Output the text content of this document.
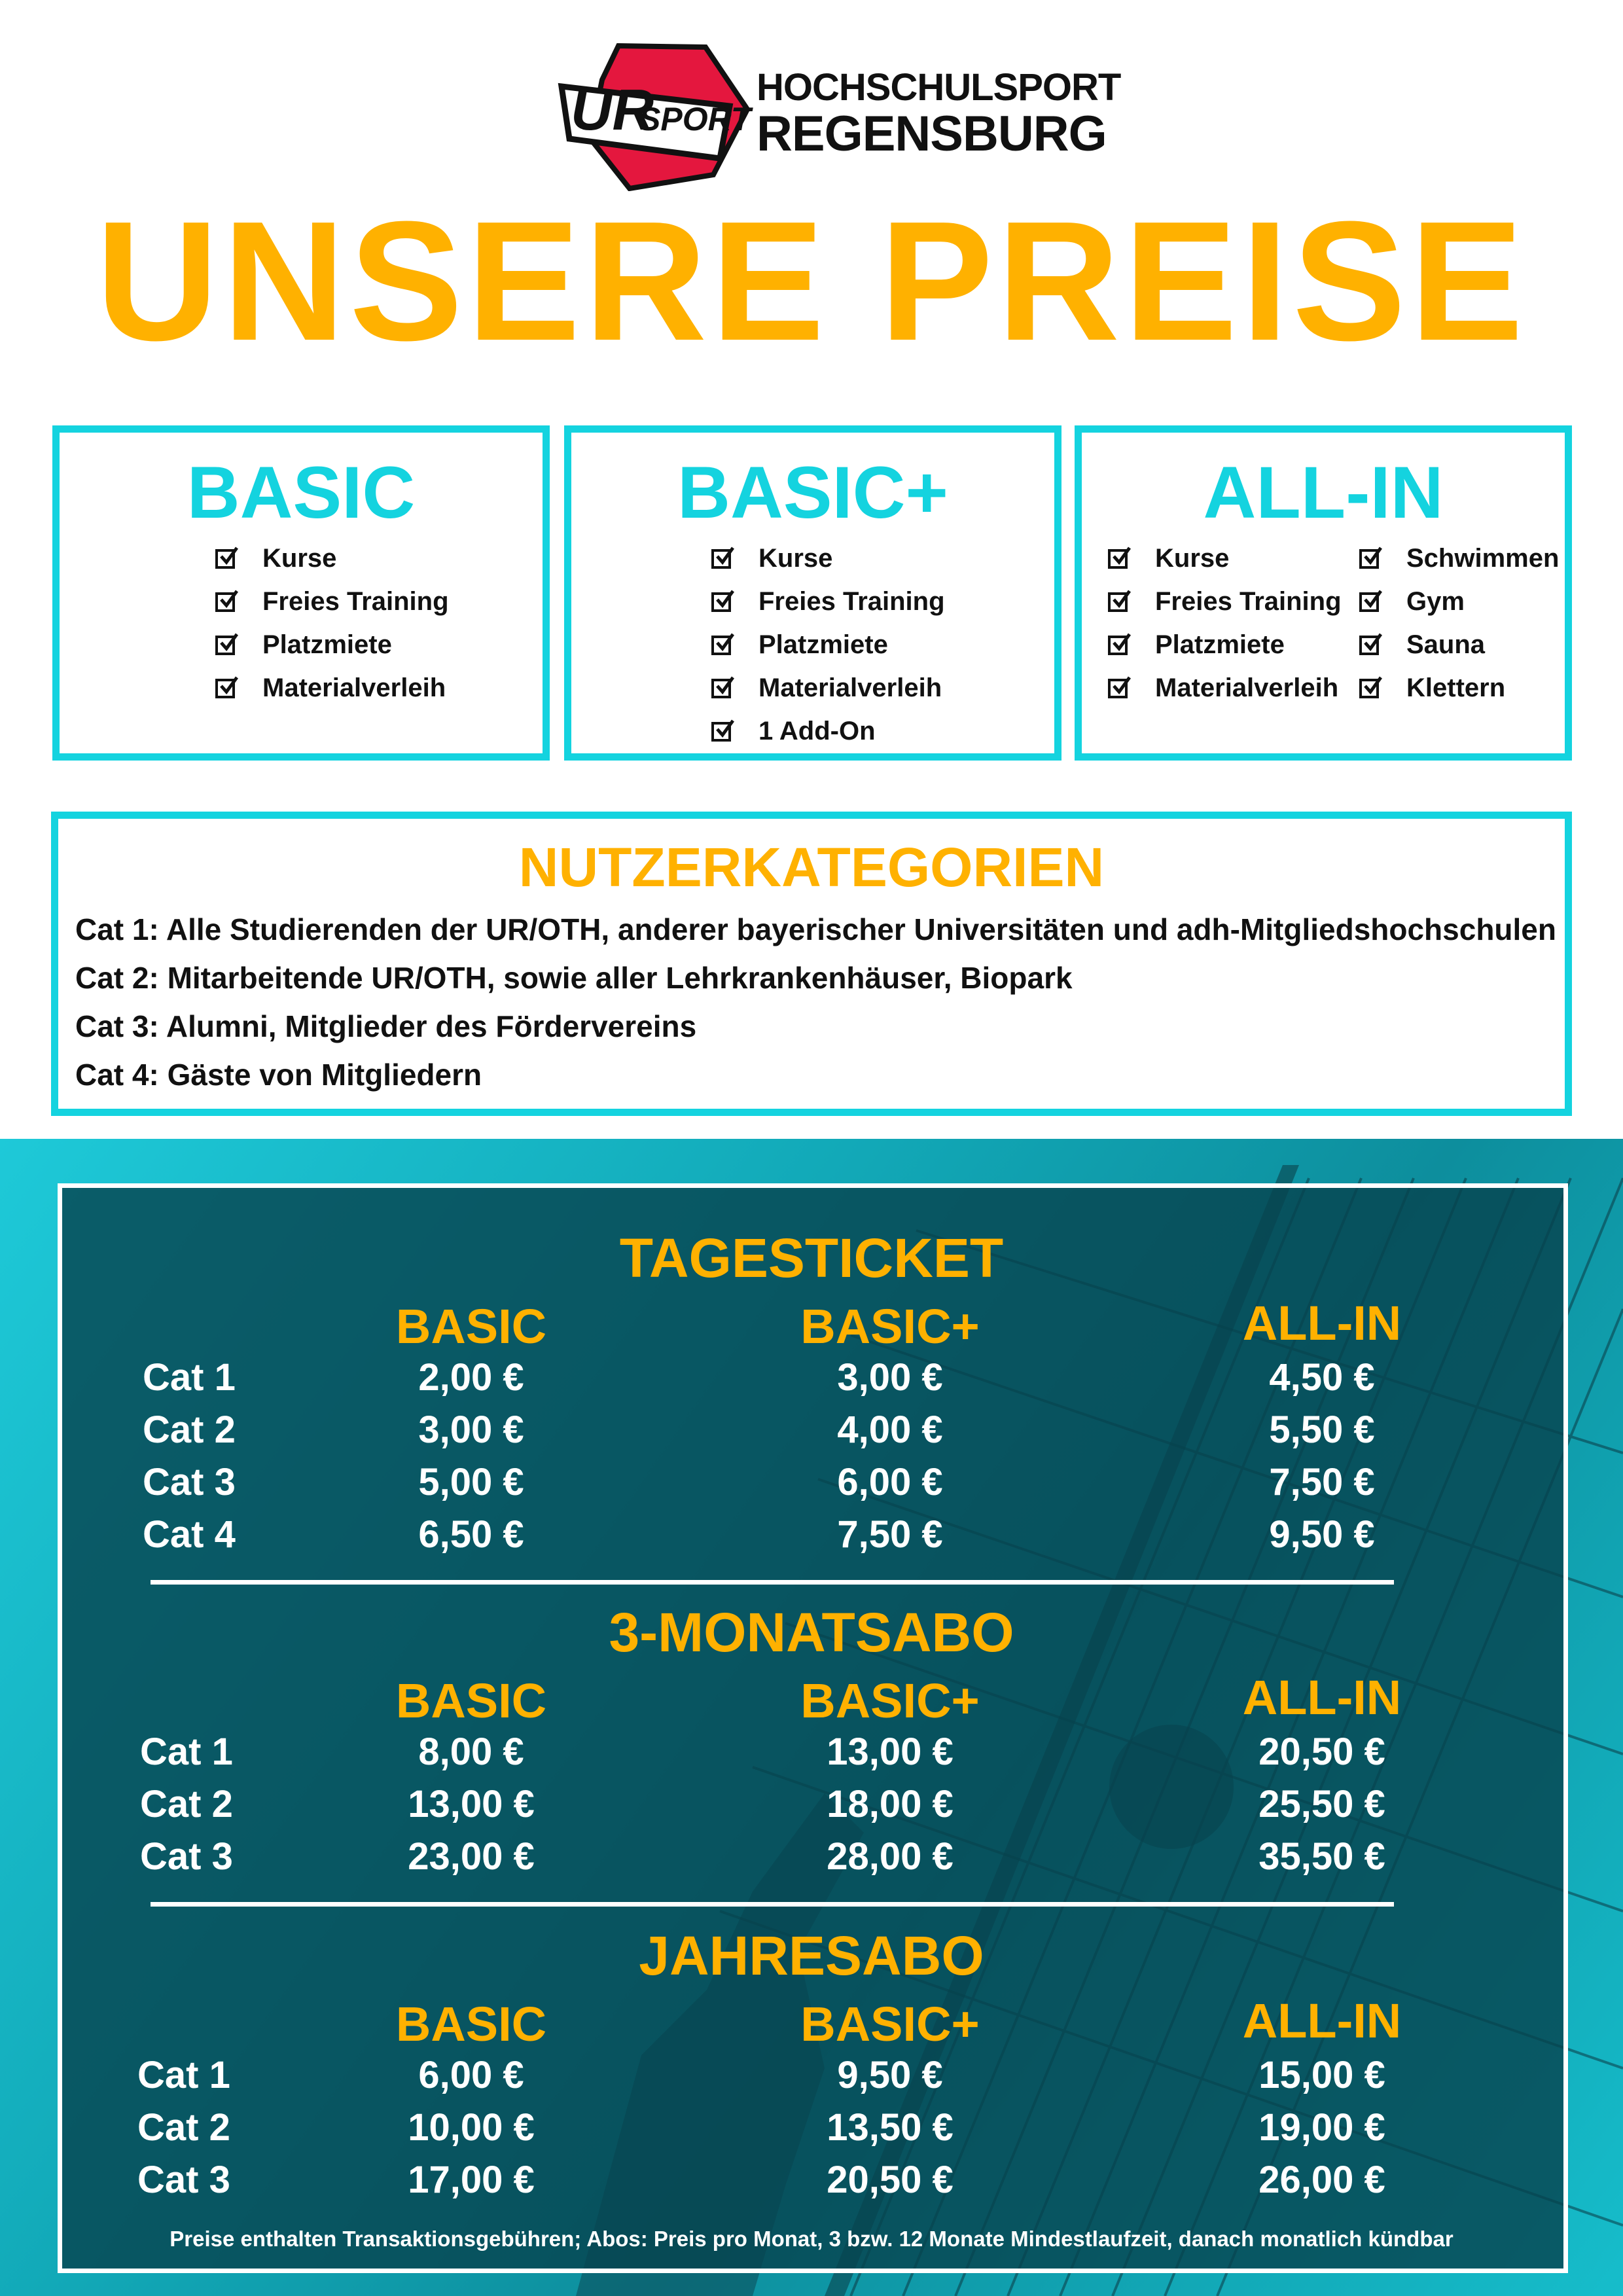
UR
SPORT
HOCHSCHULSPORT
REGENSBURG
UNSERE PREISE
BASIC
Kurse
Freies Training
Platzmiete
Materialverleih
BASIC+
Kurse
Freies Training
Platzmiete
Materialverleih
1 Add-On
ALL-IN
Kurse
Freies Training
Platzmiete
Materialverleih
Schwimmen
Gym
Sauna
Klettern
NUTZERKATEGORIEN
Cat 1: Alle Studierenden der UR/OTH, anderer bayerischer Universitäten und adh-Mitgliedshochschulen
Cat 2: Mitarbeitende UR/OTH, sowie aller Lehrkrankenhäuser, Biopark
Cat 3: Alumni, Mitglieder des Fördervereins
Cat 4: Gäste von Mitgliedern
TAGESTICKET
BASIC	BASIC+	ALL-IN
Cat 1	2,00 €	3,00 €	4,50 €
Cat 2	3,00 €	4,00 €	5,50 €
Cat 3	5,00 €	6,00 €	7,50 €
Cat 4	6,50 €	7,50 €	9,50 €
3-MONATSABO
BASIC	BASIC+	ALL-IN
Cat 1	8,00 €	13,00 €	20,50 €
Cat 2	13,00 €	18,00 €	25,50 €
Cat 3	23,00 €	28,00 €	35,50 €
JAHRESABO
BASIC	BASIC+	ALL-IN
Cat 1	6,00 €	9,50 €	15,00 €
Cat 2	10,00 €	13,50 €	19,00 €
Cat 3	17,00 €	20,50 €	26,00 €
Preise enthalten Transaktionsgebühren; Abos: Preis pro Monat, 3 bzw. 12 Monate Mindestlaufzeit, danach monatlich kündbar
